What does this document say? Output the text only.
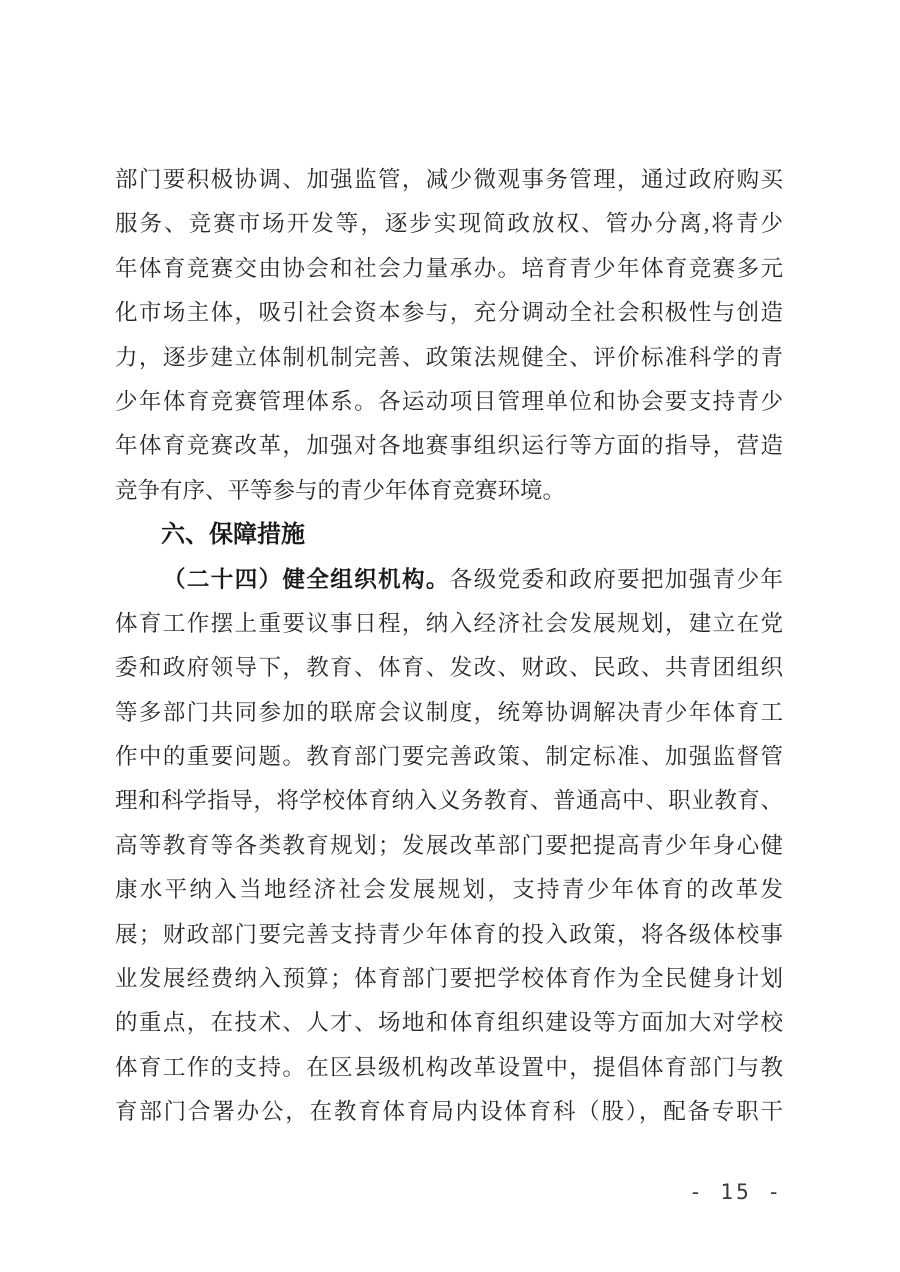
部门要积极协调、加强监管，减少微观事务管理，通过政府购买
服务、竞赛市场开发等，逐步实现简政放权、管办分离,将青少
年体育竞赛交由协会和社会力量承办。培育青少年体育竞赛多元
化市场主体，吸引社会资本参与，充分调动全社会积极性与创造
力，逐步建立体制机制完善、政策法规健全、评价标准科学的青
少年体育竞赛管理体系。各运动项目管理单位和协会要支持青少
年体育竞赛改革，加强对各地赛事组织运行等方面的指导，营造
竞争有序、平等参与的青少年体育竞赛环境。
六、保障措施
（二十四）健全组织机构。各级党委和政府要把加强青少年
体育工作摆上重要议事日程，纳入经济社会发展规划，建立在党
委和政府领导下，教育、体育、发改、财政、民政、共青团组织
等多部门共同参加的联席会议制度，统筹协调解决青少年体育工
作中的重要问题。教育部门要完善政策、制定标准、加强监督管
理和科学指导，将学校体育纳入义务教育、普通高中、职业教育、
高等教育等各类教育规划；发展改革部门要把提高青少年身心健
康水平纳入当地经济社会发展规划，支持青少年体育的改革发
展；财政部门要完善支持青少年体育的投入政策，将各级体校事
业发展经费纳入预算；体育部门要把学校体育作为全民健身计划
的重点，在技术、人才、场地和体育组织建设等方面加大对学校
体育工作的支持。在区县级机构改革设置中，提倡体育部门与教
育部门合署办公，在教育体育局内设体育科（股），配备专职干
- 15 -
